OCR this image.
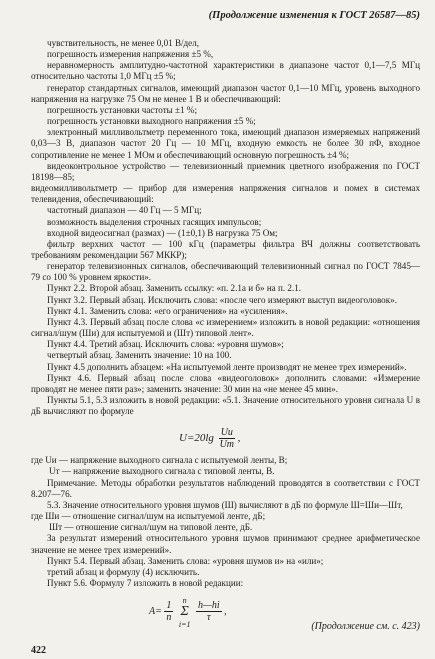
(Продолжение изменения к ГОСТ 26587—85)

чувствительность, не менее 0,01 В/дел,

погрешность измерения напряжения ±5 %,

неравномерность амплитудно-частотной характеристики в диапазоне частот 0,1—7,5 МГц относительно частоты 1,0 МГц ±5 %;

генератор стандартных сигналов, имеющий диапазон частот 0,1—10 МГц, уровень выходного напряжения на нагрузке 75 Ом не менее 1 В и обеспечивающий:

погрешность установки частоты ±1 %;

погрешность установки выходного напряжения ±5 %;

электронный милливольтметр переменного тока, имеющий диапазон измеряемых напряжений 0,03—3 В, диапазон частот 20 Гц — 10 МГц, входную емкость не более 30 пФ, входное сопротивление не менее 1 МОм и обеспечивающий основную погрешность ±4 %;

видеоконтрольное устройство — телевизионный приемник цветного изображения по ГОСТ 18198—85;

видеомилливольтметр — прибор для измерения напряжения сигналов и помех в системах телевидения, обеспечивающий:

частотный диапазон — 40 Гц — 5 МГц;

возможность выделения строчных гасящих импульсов;

входной видеосигнал (размах) — (1±0,1) В нагрузка 75 Ом;

фильтр верхних частот — 100 кГц (параметры фильтра ВЧ должны соответствовать требованиям рекомендации 567 МККР);

генератор телевизионных сигналов, обеспечивающий телевизионный сигнал по ГОСТ 7845—79 со 100 % уровнем яркости».

Пункт 2.2. Второй абзац. Заменить ссылку: «п. 2.1а и б» на п. 2.1.

Пункт 3.2. Первый абзац. Исключить слова: «после чего измеряют выступ видеоголовок».

Пункт 4.1. Заменить слова: «его ограничения» на «усиления».

Пункт 4.3. Первый абзац после слова «с измерением» изложить в новой редакции: «отношения сигнал/шум (Ши) для испытуемой и (Шт) типовой лент».

Пункт 4.4. Третий абзац. Исключить слова: «уровня шумов»;

четвертый абзац. Заменить значение: 10 на 100.

Пункт 4.5 дополнить абзацем: «На испытуемой ленте производят не менее трех измерений».

Пункт 4.6. Первый абзац после слова «видеоголовок» дополнить словами: «Измерение проводят не менее пяти раз»; заменить значение: 30 мин на «не менее 45 мин».

Пункты 5.1, 5.3 изложить в новой редакции: «5.1. Значение относительного уровня сигнала U в дБ вычисляют по формуле

$U=20\lg \frac{Uи}{Uт}$ ,

где Uи — напряжение выходного сигнала с испытуемой ленты, В;

Uт — напряжение выходного сигнала с типовой ленты, В.

Примечание. Методы обработки результатов наблюдений проводятся в соответствии с ГОСТ 8.207—76.

5.3. Значение относительного уровня шумов (Ш) вычисляют в дБ по формуле Ш=Ши—Шт,

где Ши — отношение сигнал/шум на испытуемой ленте, дБ;

Шт — отношение сигнал/шум на типовой ленте, дБ.

За результат измерений относительного уровня шумов принимают среднее арифметическое значение не менее трех измерений».

Пункт 5.4. Первый абзац. Заменить слова: «уровня шумов и» на «или»;

третий абзац и формулу (4) исключить.

Пункт 5.6. Формулу 7 изложить в новой редакции:

$A= \frac{1}{n}$ n
Σ
i=1
$\frac{h—hi}{\tau}$ ,
(Продолжение см. с. 423)
422
